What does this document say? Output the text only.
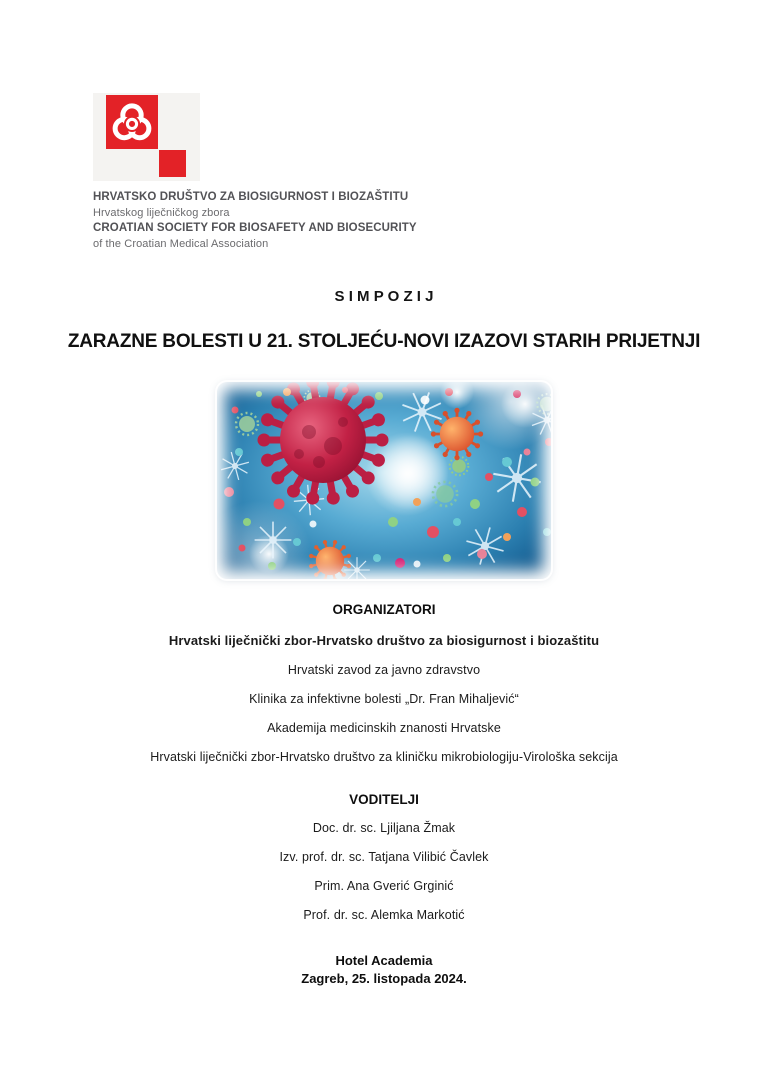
HRVATSKO DRUŠTVO ZA BIOSIGURNOST I BIOZAŠTITU
Hrvatskog liječničkog zbora
CROATIAN SOCIETY FOR BIOSAFETY AND BIOSECURITY
of the Croatian Medical Association
S I M P O Z I J
ZARAZNE BOLESTI U 21. STOLJEĆU-NOVI IZAZOVI STARIH PRIJETNJI
ORGANIZATORI
Hrvatski liječnički zbor-Hrvatsko društvo za biosigurnost i biozaštitu
Hrvatski zavod za javno zdravstvo
Klinika za infektivne bolesti „Dr. Fran Mihaljević“
Akademija medicinskih znanosti Hrvatske
Hrvatski liječnički zbor-Hrvatsko društvo za kliničku mikrobiologiju-Virološka sekcija
VODITELJI
Doc. dr. sc. Ljiljana Žmak
Izv. prof. dr. sc. Tatjana Vilibić Čavlek
Prim. Ana Gverić Grginić
Prof. dr. sc. Alemka Markotić
Hotel Academia
Zagreb, 25. listopada 2024.
